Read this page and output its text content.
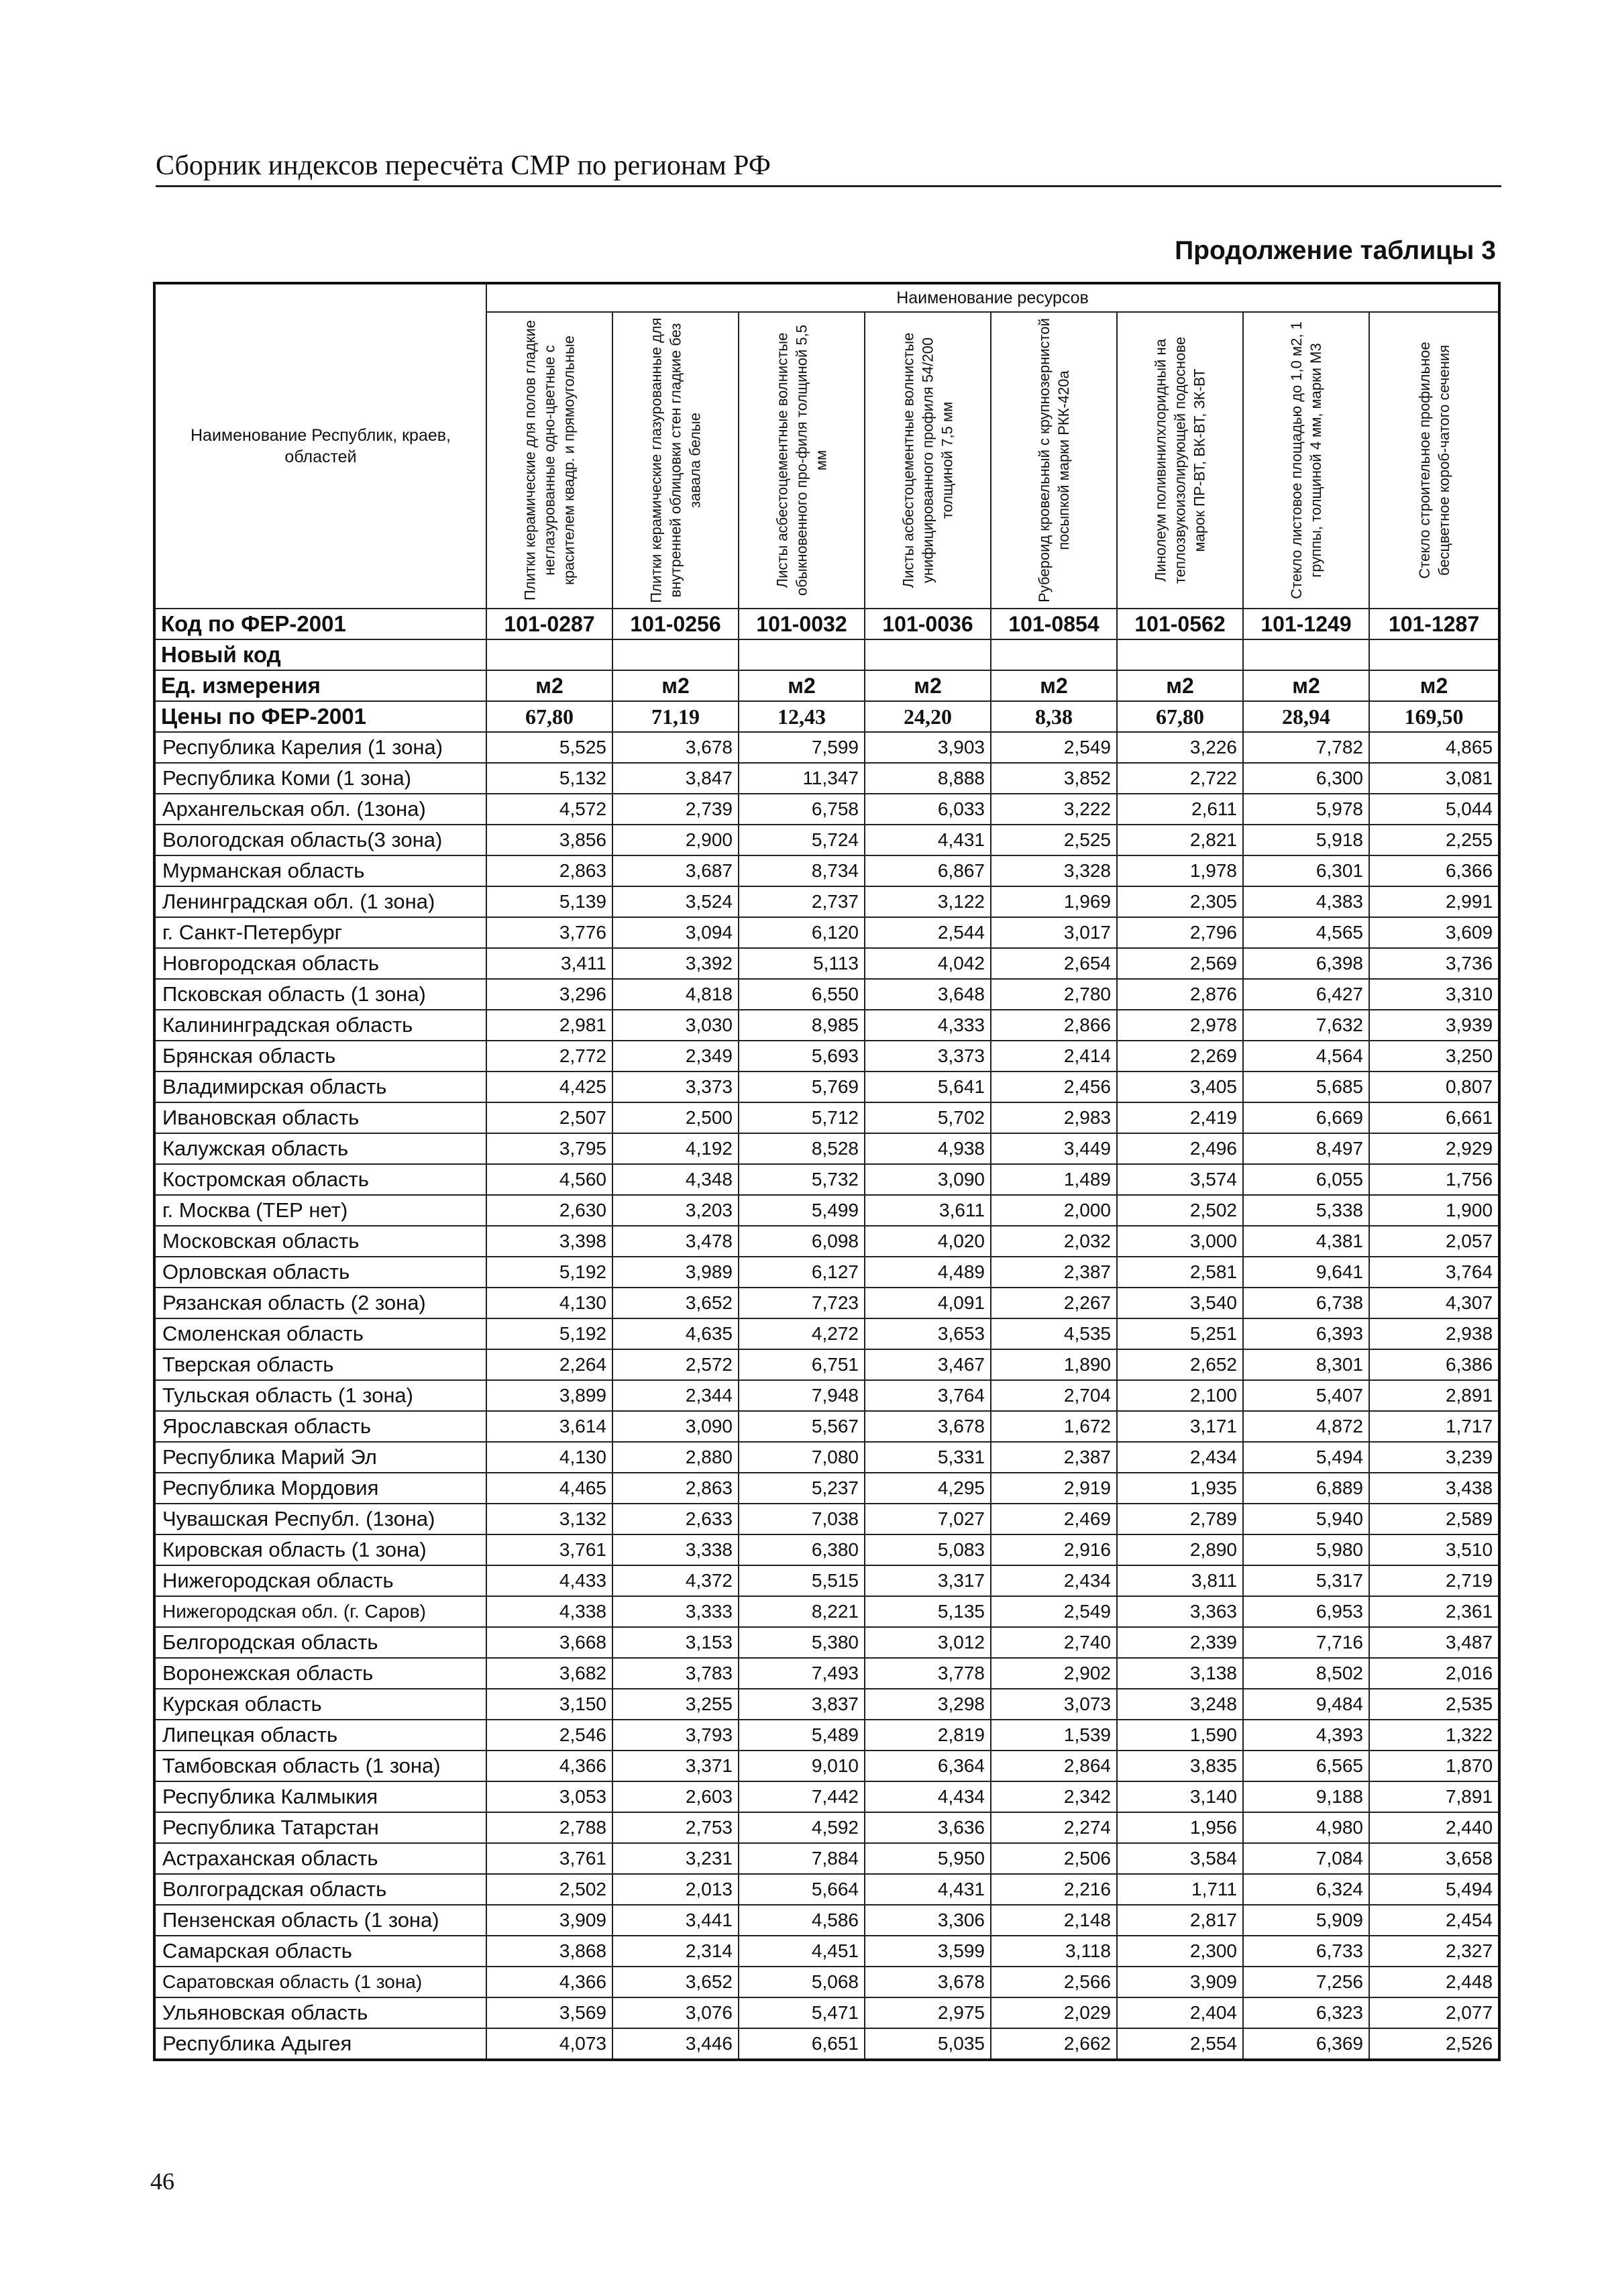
Сборник индексов пересчёта СМР по регионам РФ
Продолжение таблицы 3
Наименование Республик, краев, областей	Наименование ресурсов							

	Плитки керамические для полов гладкие неглазурованные одно-цветные с красителем квадр. и прямоугольные	Плитки керамические глазурованные для внутренней облицовки стен гладкие без завала белые	Листы асбестоцементные волнистые обыкновенного про-филя толщиной 5,5 мм	Листы асбестоцементные волнистые унифицированного профиля 54/200 толщиной 7,5 мм	Рубероид кровельный с крупнозернистой посыпкой марки РКК-420а	Линолеум поливинилхлоридный на теплозвукоизолирующей подоснове марок ПР-ВТ, ВК-ВТ, ЗК-ВТ	Стекло листовое площадью до 1,0 м2, 1 группы, толщиной 4 мм, марки М3	Стекло строительное профильное бесцветное короб-чатого сечения

Код по ФЕР-2001	101-0287	101-0256	101-0032	101-0036	101-0854	101-0562	101-1249	101-1287
Новый код								
Ед. измерения	м2	м2	м2	м2	м2	м2	м2	м2
Цены по ФЕР-2001	67,80	71,19	12,43	24,20	8,38	67,80	28,94	169,50
Республика Карелия (1 зона)	5,525	3,678	7,599	3,903	2,549	3,226	7,782	4,865
Республика Коми (1 зона)	5,132	3,847	11,347	8,888	3,852	2,722	6,300	3,081
Архангельская обл. (1зона)	4,572	2,739	6,758	6,033	3,222	2,611	5,978	5,044
Вологодская область(3 зона)	3,856	2,900	5,724	4,431	2,525	2,821	5,918	2,255
Мурманская область	2,863	3,687	8,734	6,867	3,328	1,978	6,301	6,366
Ленинградская обл. (1 зона)	5,139	3,524	2,737	3,122	1,969	2,305	4,383	2,991
г. Санкт-Петербург	3,776	3,094	6,120	2,544	3,017	2,796	4,565	3,609
Новгородская область	3,411	3,392	5,113	4,042	2,654	2,569	6,398	3,736
Псковская область (1 зона)	3,296	4,818	6,550	3,648	2,780	2,876	6,427	3,310
Калининградская область	2,981	3,030	8,985	4,333	2,866	2,978	7,632	3,939
Брянская область	2,772	2,349	5,693	3,373	2,414	2,269	4,564	3,250
Владимирская область	4,425	3,373	5,769	5,641	2,456	3,405	5,685	0,807
Ивановская область	2,507	2,500	5,712	5,702	2,983	2,419	6,669	6,661
Калужская область	3,795	4,192	8,528	4,938	3,449	2,496	8,497	2,929
Костромская область	4,560	4,348	5,732	3,090	1,489	3,574	6,055	1,756
г. Москва (ТЕР нет)	2,630	3,203	5,499	3,611	2,000	2,502	5,338	1,900
Московская область	3,398	3,478	6,098	4,020	2,032	3,000	4,381	2,057
Орловская область	5,192	3,989	6,127	4,489	2,387	2,581	9,641	3,764
Рязанская область (2 зона)	4,130	3,652	7,723	4,091	2,267	3,540	6,738	4,307
Смоленская область	5,192	4,635	4,272	3,653	4,535	5,251	6,393	2,938
Тверская область	2,264	2,572	6,751	3,467	1,890	2,652	8,301	6,386
Тульская область (1 зона)	3,899	2,344	7,948	3,764	2,704	2,100	5,407	2,891
Ярославская область	3,614	3,090	5,567	3,678	1,672	3,171	4,872	1,717
Республика Марий Эл	4,130	2,880	7,080	5,331	2,387	2,434	5,494	3,239
Республика Мордовия	4,465	2,863	5,237	4,295	2,919	1,935	6,889	3,438
Чувашская Республ. (1зона)	3,132	2,633	7,038	7,027	2,469	2,789	5,940	2,589
Кировская область (1 зона)	3,761	3,338	6,380	5,083	2,916	2,890	5,980	3,510
Нижегородская область	4,433	4,372	5,515	3,317	2,434	3,811	5,317	2,719
Нижегородская обл. (г. Саров)	4,338	3,333	8,221	5,135	2,549	3,363	6,953	2,361
Белгородская область	3,668	3,153	5,380	3,012	2,740	2,339	7,716	3,487
Воронежская область	3,682	3,783	7,493	3,778	2,902	3,138	8,502	2,016
Курская область	3,150	3,255	3,837	3,298	3,073	3,248	9,484	2,535
Липецкая область	2,546	3,793	5,489	2,819	1,539	1,590	4,393	1,322
Тамбовская область (1 зона)	4,366	3,371	9,010	6,364	2,864	3,835	6,565	1,870
Республика Калмыкия	3,053	2,603	7,442	4,434	2,342	3,140	9,188	7,891
Республика Татарстан	2,788	2,753	4,592	3,636	2,274	1,956	4,980	2,440
Астраханская область	3,761	3,231	7,884	5,950	2,506	3,584	7,084	3,658
Волгоградская область	2,502	2,013	5,664	4,431	2,216	1,711	6,324	5,494
Пензенская область (1 зона)	3,909	3,441	4,586	3,306	2,148	2,817	5,909	2,454
Самарская область	3,868	2,314	4,451	3,599	3,118	2,300	6,733	2,327
Саратовская область (1 зона)	4,366	3,652	5,068	3,678	2,566	3,909	7,256	2,448
Ульяновская область	3,569	3,076	5,471	2,975	2,029	2,404	6,323	2,077
Республика Адыгея	4,073	3,446	6,651	5,035	2,662	2,554	6,369	2,526
46
